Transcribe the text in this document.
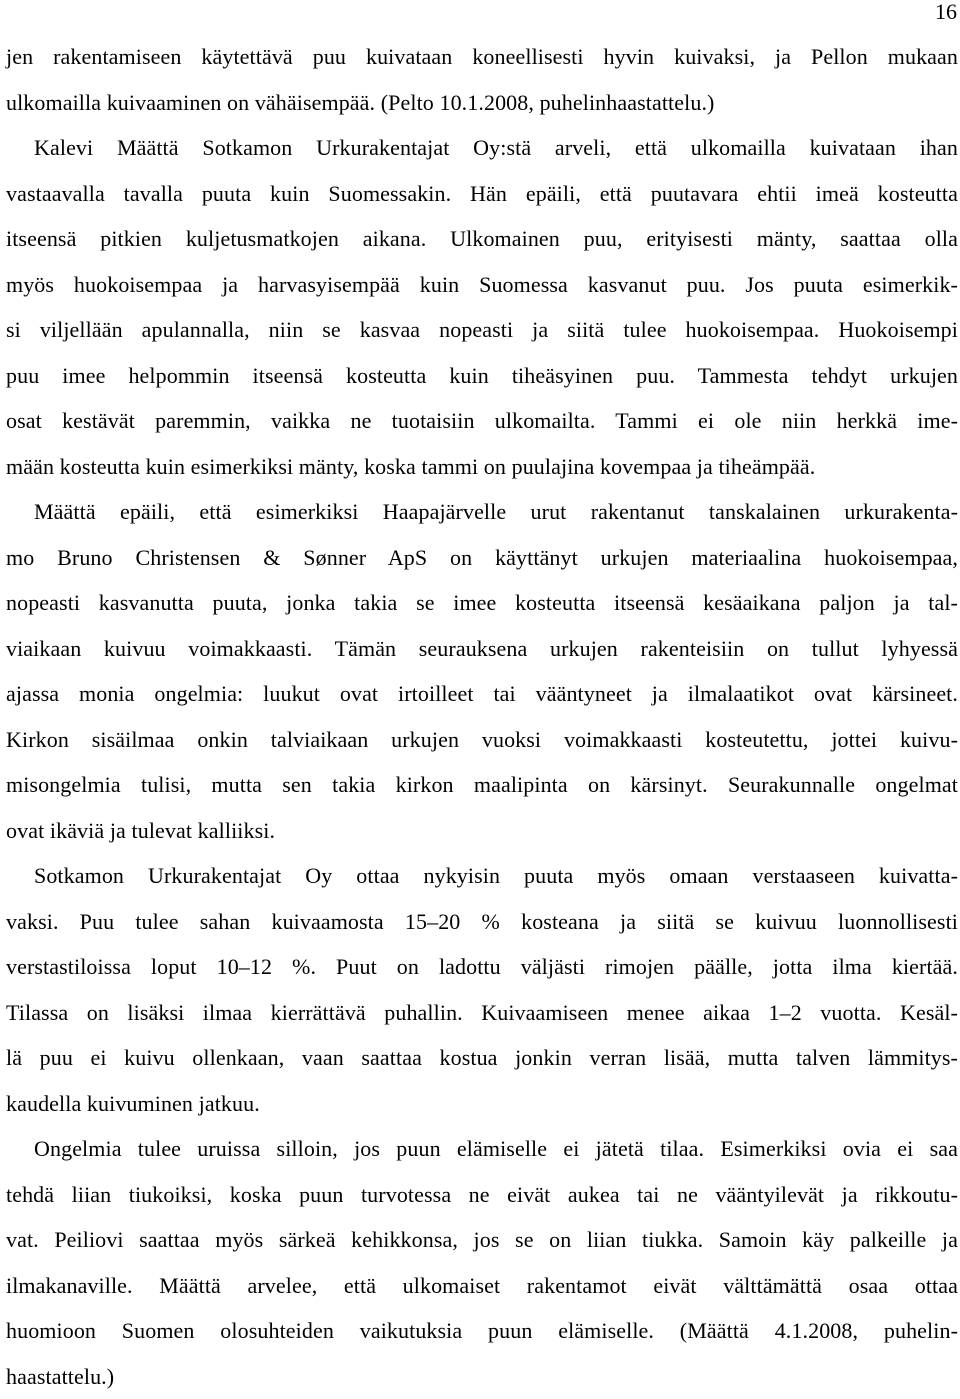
16
jen rakentamiseen käytettävä puu kuivataan koneellisesti hyvin kuivaksi, ja Pellon mukaan
ulkomailla kuivaaminen on vähäisempää. (Pelto 10.1.2008, puhelinhaastattelu.)
Kalevi Määttä Sotkamon Urkurakentajat Oy:stä arveli, että ulkomailla kuivataan ihan
vastaavalla tavalla puuta kuin Suomessakin. Hän epäili, että puutavara ehtii imeä kosteutta
itseensä pitkien kuljetusmatkojen aikana. Ulkomainen puu, erityisesti mänty, saattaa olla
myös huokoisempaa ja harvasyisempää kuin Suomessa kasvanut puu. Jos puuta esimerkik-
si viljellään apulannalla, niin se kasvaa nopeasti ja siitä tulee huokoisempaa. Huokoisempi
puu imee helpommin itseensä kosteutta kuin tiheäsyinen puu. Tammesta tehdyt urkujen
osat kestävät paremmin, vaikka ne tuotaisiin ulkomailta. Tammi ei ole niin herkkä ime-
mään kosteutta kuin esimerkiksi mänty, koska tammi on puulajina kovempaa ja tiheämpää.
Määttä epäili, että esimerkiksi Haapajärvelle urut rakentanut tanskalainen urkurakenta-
mo Bruno Christensen & Sønner ApS on käyttänyt urkujen materiaalina huokoisempaa,
nopeasti kasvanutta puuta, jonka takia se imee kosteutta itseensä kesäaikana paljon ja tal-
viaikaan kuivuu voimakkaasti. Tämän seurauksena urkujen rakenteisiin on tullut lyhyessä
ajassa monia ongelmia: luukut ovat irtoilleet tai vääntyneet ja ilmalaatikot ovat kärsineet.
Kirkon sisäilmaa onkin talviaikaan urkujen vuoksi voimakkaasti kosteutettu, jottei kuivu-
misongelmia tulisi, mutta sen takia kirkon maalipinta on kärsinyt. Seurakunnalle ongelmat
ovat ikäviä ja tulevat kalliiksi.
Sotkamon Urkurakentajat Oy ottaa nykyisin puuta myös omaan verstaaseen kuivatta-
vaksi. Puu tulee sahan kuivaamosta 15–20 % kosteana ja siitä se kuivuu luonnollisesti
verstastiloissa loput 10–12 %. Puut on ladottu väljästi rimojen päälle, jotta ilma kiertää.
Tilassa on lisäksi ilmaa kierrättävä puhallin. Kuivaamiseen menee aikaa 1–2 vuotta. Kesäl-
lä puu ei kuivu ollenkaan, vaan saattaa kostua jonkin verran lisää, mutta talven lämmitys-
kaudella kuivuminen jatkuu.
Ongelmia tulee uruissa silloin, jos puun elämiselle ei jätetä tilaa. Esimerkiksi ovia ei saa
tehdä liian tiukoiksi, koska puun turvotessa ne eivät aukea tai ne vääntyilevät ja rikkoutu-
vat. Peiliovi saattaa myös särkeä kehikkonsa, jos se on liian tiukka. Samoin käy palkeille ja
ilmakanaville. Määttä arvelee, että ulkomaiset rakentamot eivät välttämättä osaa ottaa
huomioon Suomen olosuhteiden vaikutuksia puun elämiselle. (Määttä 4.1.2008, puhelin-
haastattelu.)
